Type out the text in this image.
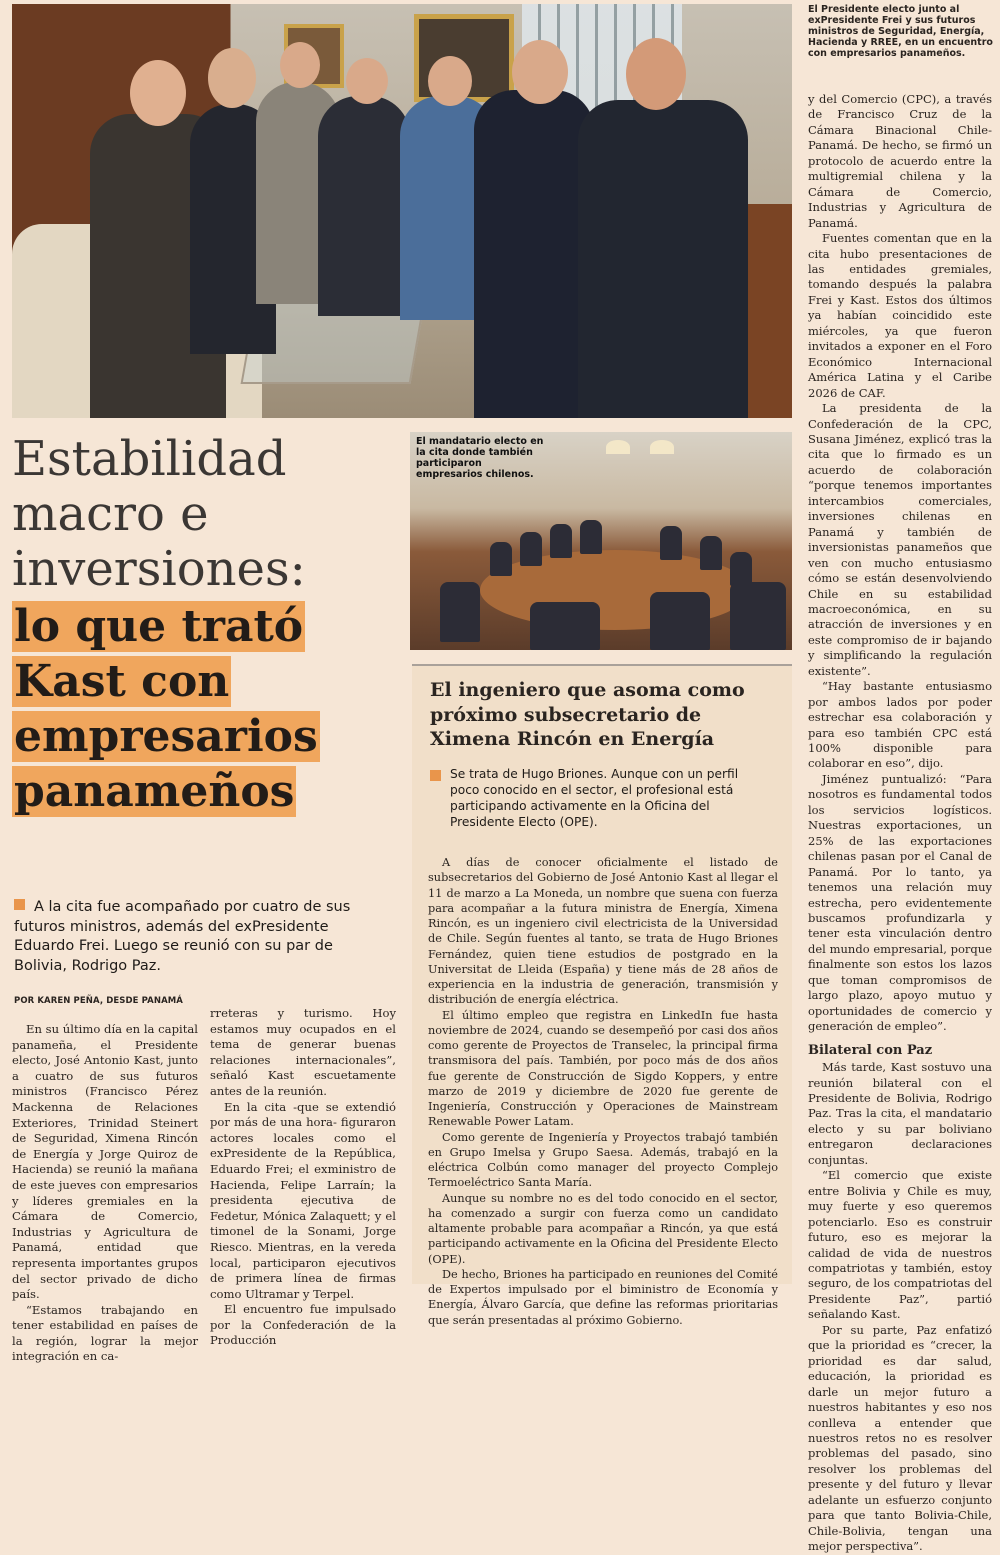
El Presidente electo junto al exPresidente Frei y sus futuros ministros de Seguridad, Energía, Hacienda y RREE, en un encuentro con empresarios panameños.
Estabilidad
macro e
inversiones:
lo que trató
Kast con
empresarios
panameños
A la cita fue acompañado por cuatro de sus futuros ministros, además del exPresidente Eduardo Frei. Luego se reunió con su par de Bolivia, Rodrigo Paz.
POR KAREN PEÑA, DESDE PANAMÁ

En su último día en la capital panameña, el Presidente electo, José Antonio Kast, junto a cuatro de sus futuros ministros (Francisco Pérez Mackenna de Relaciones Exteriores, Trinidad Steinert de Seguridad, Ximena Rincón de Energía y Jorge Quiroz de Hacienda) se reunió la mañana de este jueves con empresarios y líderes gremiales en la Cámara de Comercio, Industrias y Agricultura de Panamá, entidad que representa importantes grupos del sector privado de dicho país.

“Estamos trabajando en tener estabilidad en países de la región, lograr la mejor integración en ca-

rreteras y turismo. Hoy estamos muy ocupados en el tema de generar buenas relaciones internacionales”, señaló Kast escuetamente antes de la reunión.

En la cita -que se extendió por más de una hora- figuraron actores locales como el exPresidente de la República, Eduardo Frei; el exministro de Hacienda, Felipe Larraín; la presidenta ejecutiva de Fedetur, Mónica Zalaquett; y el timonel de la Sonami, Jorge Riesco. Mientras, en la vereda local, participaron ejecutivos de primera línea de firmas como Ultramar y Terpel.

El encuentro fue impulsado por la Confederación de la Producción

El mandatario electo en la cita donde también participaron empresarios chilenos.
El ingeniero que asoma como próximo subsecretario de Ximena Rincón en Energía
Se trata de Hugo Briones. Aunque con un perfil poco conocido en el sector, el profesional está participando activamente en la Oficina del Presidente Electo (OPE).

A días de conocer oficialmente el listado de subsecretarios del Gobierno de José Antonio Kast al llegar el 11 de marzo a La Moneda, un nombre que suena con fuerza para acompañar a la futura ministra de Energía, Ximena Rincón, es un ingeniero civil electricista de la Universidad de Chile. Según fuentes al tanto, se trata de Hugo Briones Fernández, quien tiene estudios de postgrado en la Universitat de Lleida (España) y tiene más de 28 años de experiencia en la industria de generación, transmisión y distribución de energía eléctrica.

El último empleo que registra en LinkedIn fue hasta noviembre de 2024, cuando se desempeñó por casi dos años como gerente de Proyectos de Transelec, la principal firma transmisora del país. También, por poco más de dos años fue gerente de Construcción de Sigdo Koppers, y entre marzo de 2019 y diciembre de 2020 fue gerente de Ingeniería, Construcción y Operaciones de Mainstream Renewable Power Latam.

Como gerente de Ingeniería y Proyectos trabajó también en Grupo Imelsa y Grupo Saesa. Además, trabajó en la eléctrica Colbún como manager del proyecto Complejo Termoeléctrico Santa María.

Aunque su nombre no es del todo conocido en el sector, ha comenzado a surgir con fuerza como un candidato altamente probable para acompañar a Rincón, ya que está participando activamente en la Oficina del Presidente Electo (OPE).

De hecho, Briones ha participado en reuniones del Comité de Expertos impulsado por el biministro de Economía y Energía, Álvaro García, que define las reformas prioritarias que serán presentadas al próximo Gobierno.

y del Comercio (CPC), a través de Francisco Cruz de la Cámara Binacional Chile-Panamá. De hecho, se firmó un protocolo de acuerdo entre la multigremial chilena y la Cámara de Comercio, Industrias y Agricultura de Panamá.

Fuentes comentan que en la cita hubo presentaciones de las entidades gremiales, tomando después la palabra Frei y Kast. Estos dos últimos ya habían coincidido este miércoles, ya que fueron invitados a exponer en el Foro Económico Internacional América Latina y el Caribe 2026 de CAF.

La presidenta de la Confederación de la CPC, Susana Jiménez, explicó tras la cita que lo firmado es un acuerdo de colaboración “porque tenemos importantes intercambios comerciales, inversiones chilenas en Panamá y también de inversionistas panameños que ven con mucho entusiasmo cómo se están desenvolviendo Chile en su estabilidad macroeconómica, en su atracción de inversiones y en este compromiso de ir bajando y simplificando la regulación existente”.

“Hay bastante entusiasmo por ambos lados por poder estrechar esa colaboración y para eso también CPC está 100% disponible para colaborar en eso”, dijo.

Jiménez puntualizó: “Para nosotros es fundamental todos los servicios logísticos. Nuestras exportaciones, un 25% de las exportaciones chilenas pasan por el Canal de Panamá. Por lo tanto, ya tenemos una relación muy estrecha, pero evidentemente buscamos profundizarla y tener esta vinculación dentro del mundo empresarial, porque finalmente son estos los lazos que toman compromisos de largo plazo, apoyo mutuo y oportunidades de comercio y generación de empleo”.

Bilateral con Paz

Más tarde, Kast sostuvo una reunión bilateral con el Presidente de Bolivia, Rodrigo Paz. Tras la cita, el mandatario electo y su par boliviano entregaron declaraciones conjuntas.

“El comercio que existe entre Bolivia y Chile es muy, muy fuerte y eso queremos potenciarlo. Eso es construir futuro, eso es mejorar la calidad de vida de nuestros compatriotas y también, estoy seguro, de los compatriotas del Presidente Paz”, partió señalando Kast.

Por su parte, Paz enfatizó que la prioridad es “crecer, la prioridad es dar salud, educación, la prioridad es darle un mejor futuro a nuestros habitantes y eso nos conlleva a entender que nuestros retos no es resolver problemas del pasado, sino resolver los problemas del presente y del futuro y llevar adelante un esfuerzo conjunto para que tanto Bolivia-Chile, Chile-Bolivia, tengan una mejor perspectiva”.
